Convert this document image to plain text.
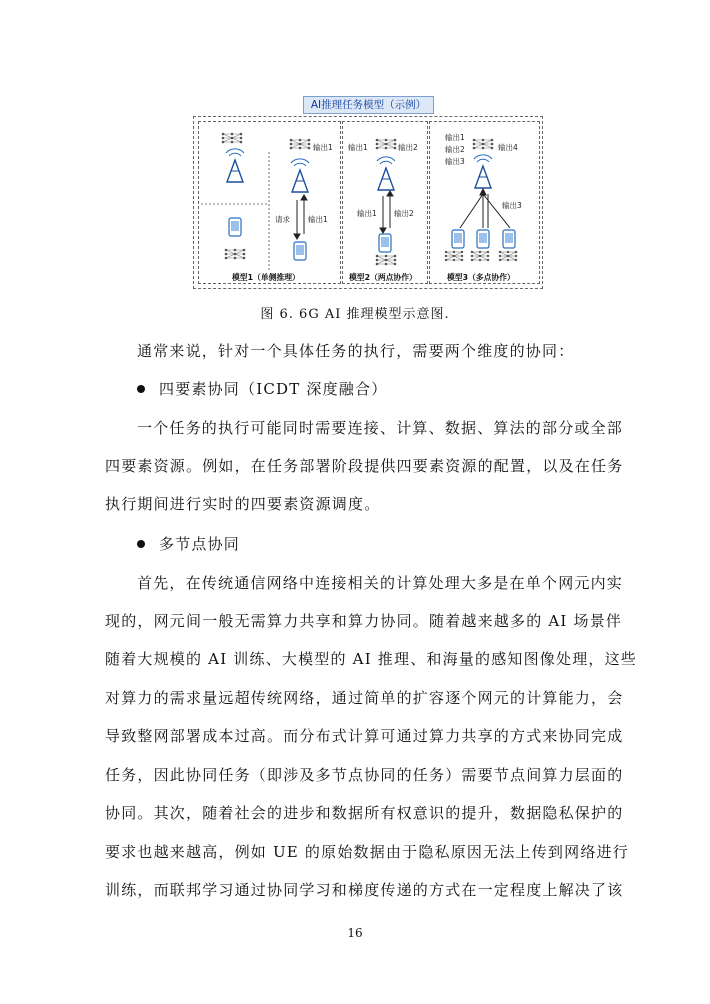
AI推理任务模型（示例）
输出1
请求 输出1
模型1（单侧推理）
输出1	输出2
输出1 输出2
模型2（两点协作）
输出1
输出2
输出3
输出4
输出3
模型3（多点协作）
图 6. 6G AI 推理模型示意图.
通常来说，针对一个具体任务的执行，需要两个维度的协同：
四要素协同（ICDT 深度融合）
一个任务的执行可能同时需要连接、计算、数据、算法的部分或全部
四要素资源。例如，在任务部署阶段提供四要素资源的配置，以及在任务
执行期间进行实时的四要素资源调度。
多节点协同
首先，在传统通信网络中连接相关的计算处理大多是在单个网元内实
现的，网元间一般无需算力共享和算力协同。随着越来越多的 AI 场景伴
随着大规模的 AI 训练、大模型的 AI 推理、和海量的感知图像处理，这些
对算力的需求量远超传统网络，通过简单的扩容逐个网元的计算能力，会
导致整网部署成本过高。而分布式计算可通过算力共享的方式来协同完成
任务，因此协同任务（即涉及多节点协同的任务）需要节点间算力层面的
协同。其次，随着社会的进步和数据所有权意识的提升，数据隐私保护的
要求也越来越高，例如 UE 的原始数据由于隐私原因无法上传到网络进行
训练，而联邦学习通过协同学习和梯度传递的方式在一定程度上解决了该
16
